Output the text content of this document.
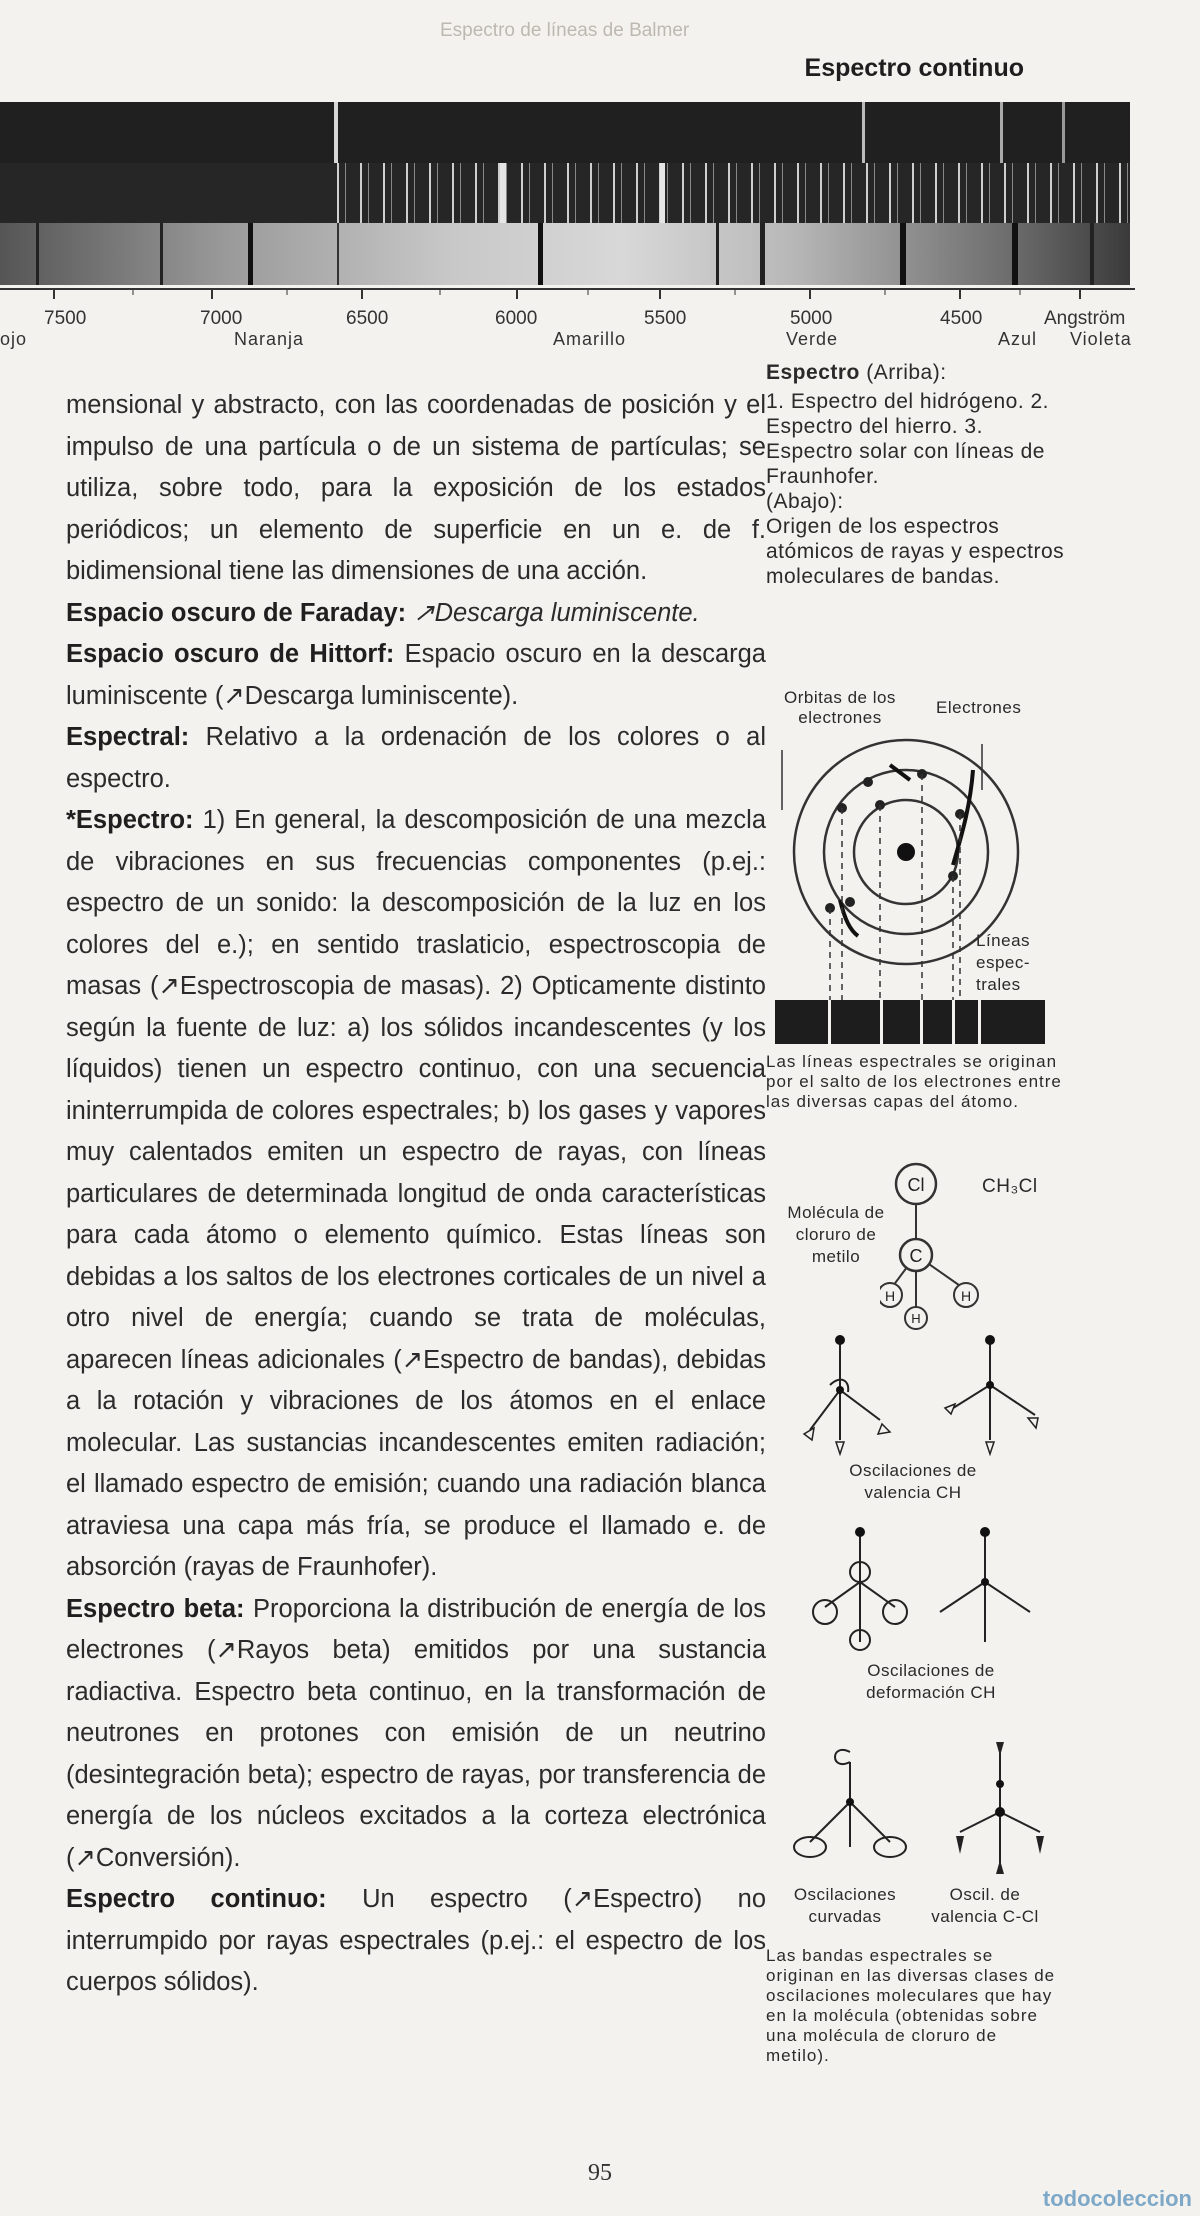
Espectro de líneas de Balmer
Espectro continuo
7500	7000	6500	6000	5500	5000	4500	Angström
ojo	Naranja	Amarillo	Verde	Azul Violeta

mensional y abstracto, con las coordenadas de posición y el impulso de una partícula o de un sistema de partículas; se utiliza, sobre todo, para la exposición de los estados periódicos; un elemento de superficie en un e. de f. bidimensional tiene las dimensiones de una acción.

Espacio oscuro de Faraday: ↗Descarga luminiscente.

Espacio oscuro de Hittorf: Espacio oscuro en la descarga luminiscente (↗Descarga luminiscente).

Espectral: Relativo a la ordenación de los colores o al espectro.

*Espectro: 1) En general, la descomposición de una mezcla de vibraciones en sus frecuencias componentes (p.ej.: espectro de un sonido: la descomposición de la luz en los colores del e.); en sentido traslaticio, espectroscopia de masas (↗Espectroscopia de masas). 2) Opticamente distinto según la fuente de luz: a) los sólidos incandescentes (y los líquidos) tienen un espectro continuo, con una secuencia ininterrumpida de colores espectrales; b) los gases y vapores muy calentados emiten un espectro de rayas, con líneas particulares de determinada longitud de onda características para cada átomo o elemento químico. Estas líneas son debidas a los saltos de los electrones corticales de un nivel a otro nivel de energía; cuando se trata de moléculas, aparecen líneas adicionales (↗Espectro de bandas), debidas a la rotación y vibraciones de los átomos en el enlace molecular. Las sustancias incandescentes emiten radiación; el llamado espectro de emisión; cuando una radiación blanca atraviesa una capa más fría, se produce el llamado e. de absorción (rayas de Fraunhofer).

Espectro beta: Proporciona la distribución de energía de los electrones (↗Rayos beta) emitidos por una sustancia radiactiva. Espectro beta continuo, en la transformación de neutrones en protones con emisión de un neutrino (desintegración beta); espectro de rayas, por transferencia de energía de los núcleos excitados a la corteza electrónica (↗Conversión).

Espectro continuo: Un espectro (↗Espectro) no interrumpido por rayas espectrales (p.ej.: el espectro de los cuerpos sólidos).

Espectro (Arriba):
1. Espectro del hidrógeno. 2. Espectro del hierro. 3. Espectro solar con líneas de Fraunhofer.
(Abajo):
Origen de los espectros atómicos de rayas y espectros moleculares de bandas.
Orbitas de los electrones
Electrones
Líneas espec- trales
Las líneas espectrales se originan por el salto de los electrones entre las diversas capas del átomo.
Molécula de cloruro de metilo
CH₃Cl
Cl
C
H	H
H
Oscilaciones de valencia CH
Oscilaciones de deformación CH
Oscilaciones curvadas
Oscil. de valencia C-Cl
Las bandas espectrales se originan en las diversas clases de oscilaciones moleculares que hay en la molécula (obtenidas sobre una molécula de cloruro de metilo).
95
todocoleccion
